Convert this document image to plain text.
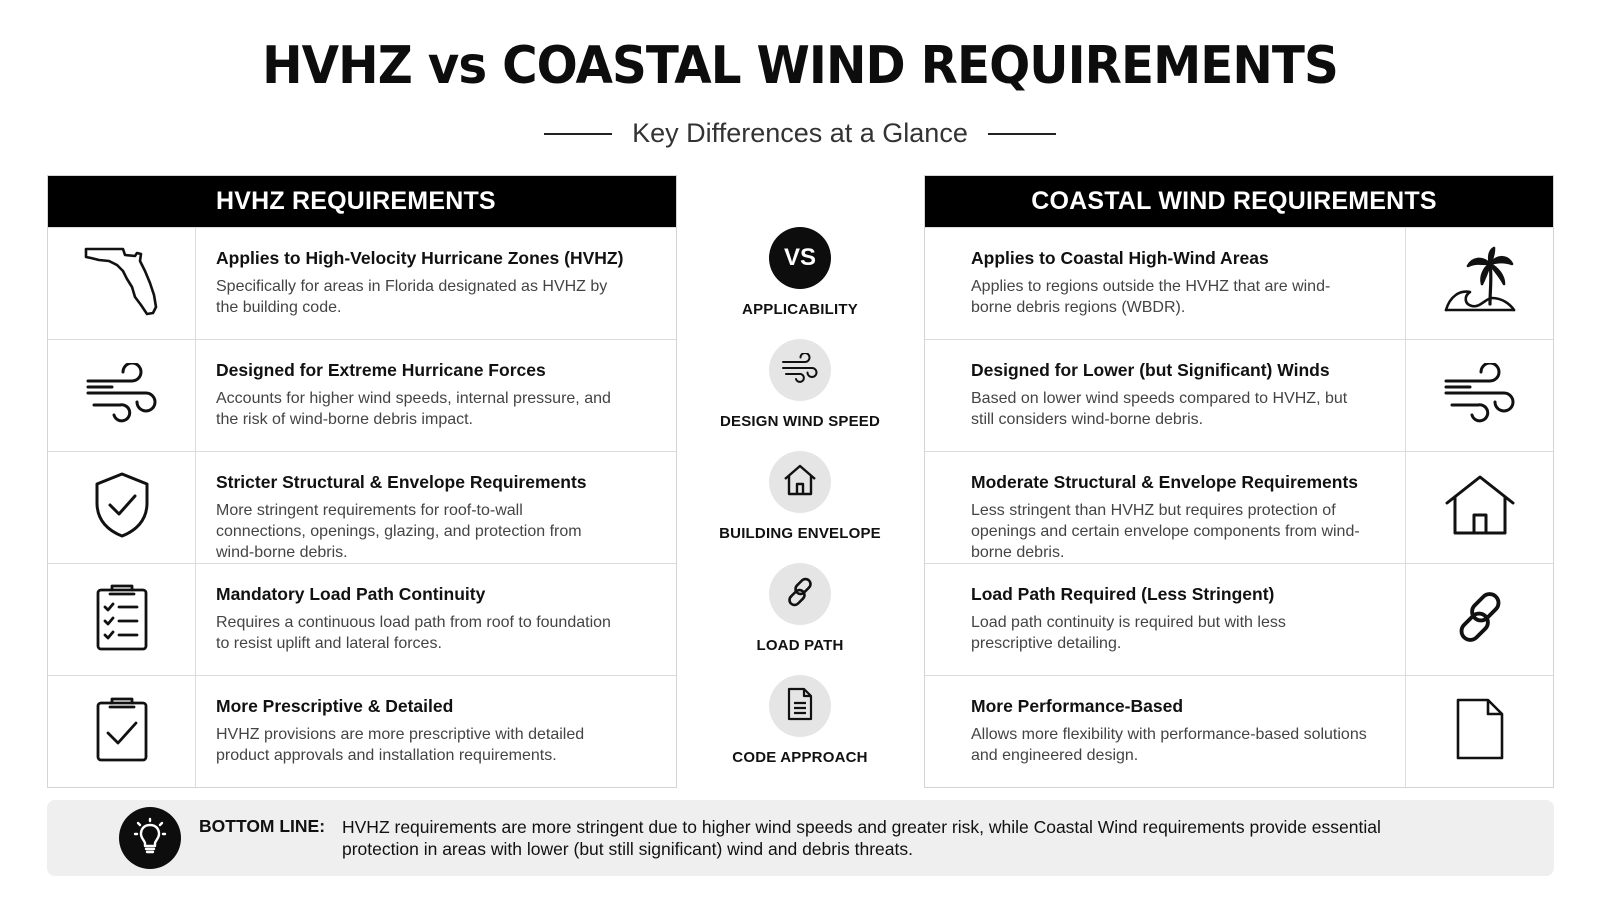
HVHZ vs COASTAL WIND REQUIREMENTS
Key Differences at a Glance
HVHZ REQUIREMENTS
Applies to High-Velocity Hurricane Zones (HVHZ)
Specifically for areas in Florida designated as HVHZ by the building code.
Designed for Extreme Hurricane Forces
Accounts for higher wind speeds, internal pressure, and the risk of wind-borne debris impact.
Stricter Structural & Envelope Requirements
More stringent requirements for roof-to-wall connections, openings, glazing, and protection from wind-borne debris.
Mandatory Load Path Continuity
Requires a continuous load path from roof to foundation to resist uplift and lateral forces.
More Prescriptive & Detailed
HVHZ provisions are more prescriptive with detailed product approvals and installation requirements.
VS
APPLICABILITY
DESIGN WIND SPEED
BUILDING ENVELOPE
LOAD PATH
CODE APPROACH
COASTAL WIND REQUIREMENTS
Applies to Coastal High-Wind Areas
Applies to regions outside the HVHZ that are wind-borne debris regions (WBDR).
Designed for Lower (but Significant) Winds
Based on lower wind speeds compared to HVHZ, but still considers wind-borne debris.
Moderate Structural & Envelope Requirements
Less stringent than HVHZ but requires protection of openings and certain envelope components from wind-borne debris.
Load Path Required (Less Stringent)
Load path continuity is required but with less prescriptive detailing.
More Performance-Based
Allows more flexibility with performance-based solutions and engineered design.
BOTTOM LINE: HVHZ requirements are more stringent due to higher wind speeds and greater risk, while Coastal Wind requirements provide essential protection in areas with lower (but still significant) wind and debris threats.
